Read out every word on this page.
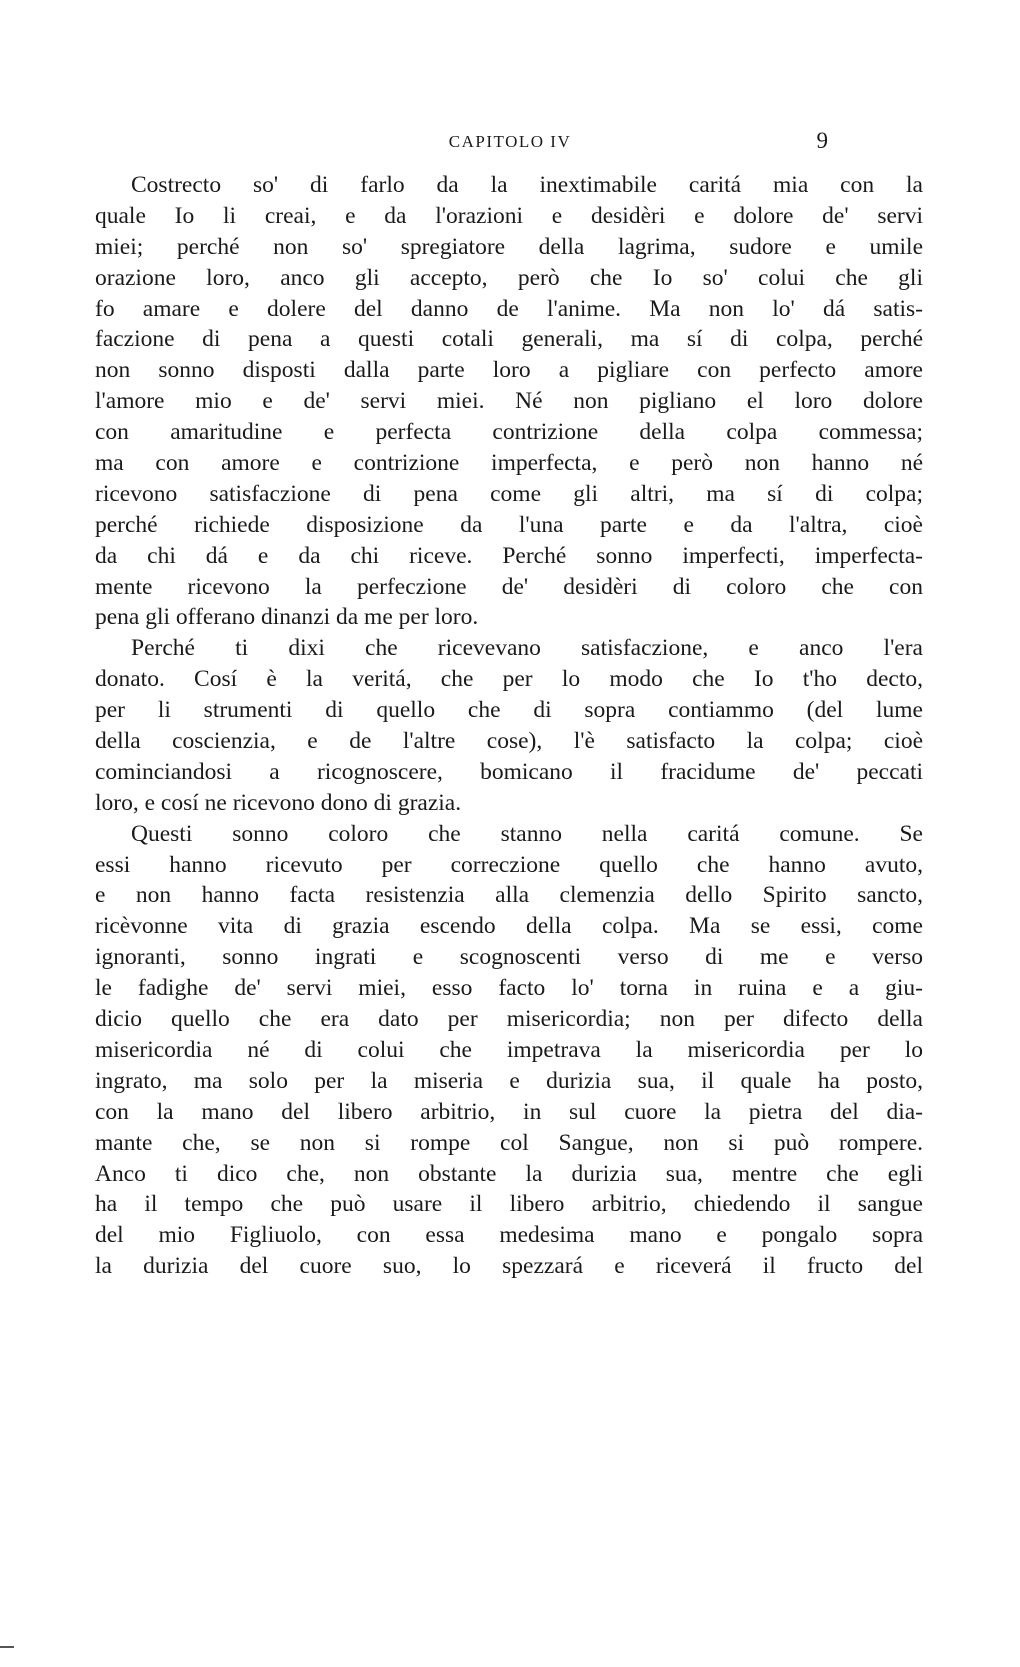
CAPITOLO IV	9
Costrecto so' di farlo da la inextimabile caritá mia con la
quale Io li creai, e da l'orazioni e desidèri e dolore de' servi
miei; perché non so' spregiatore della lagrima, sudore e umile
orazione loro, anco gli accepto, però che Io so' colui che gli
fo amare e dolere del danno de l'anime. Ma non lo' dá satis-
faczione di pena a questi cotali generali, ma sí di colpa, perché
non sonno disposti dalla parte loro a pigliare con perfecto amore
l'amore mio e de' servi miei. Né non pigliano el loro dolore
con amaritudine e perfecta contrizione della colpa commessa;
ma con amore e contrizione imperfecta, e però non hanno né
ricevono satisfaczione di pena come gli altri, ma sí di colpa;
perché richiede disposizione da l'una parte e da l'altra, cioè
da chi dá e da chi riceve. Perché sonno imperfecti, imperfecta-
mente ricevono la perfeczione de' desidèri di coloro che con
pena gli offerano dinanzi da me per loro.
Perché ti dixi che ricevevano satisfaczione, e anco l'era
donato. Cosí è la veritá, che per lo modo che Io t'ho decto,
per li strumenti di quello che di sopra contiammo (del lume
della coscienzia, e de l'altre cose), l'è satisfacto la colpa; cioè
cominciandosi a ricognoscere, bomicano il fracidume de' peccati
loro, e cosí ne ricevono dono di grazia.
Questi sonno coloro che stanno nella caritá comune. Se
essi hanno ricevuto per correczione quello che hanno avuto,
e non hanno facta resistenzia alla clemenzia dello Spirito sancto,
ricèvonne vita di grazia escendo della colpa. Ma se essi, come
ignoranti, sonno ingrati e scognoscenti verso di me e verso
le fadighe de' servi miei, esso facto lo' torna in ruina e a giu-
dicio quello che era dato per misericordia; non per difecto della
misericordia né di colui che impetrava la misericordia per lo
ingrato, ma solo per la miseria e durizia sua, il quale ha posto,
con la mano del libero arbitrio, in sul cuore la pietra del dia-
mante che, se non si rompe col Sangue, non si può rompere.
Anco ti dico che, non obstante la durizia sua, mentre che egli
ha il tempo che può usare il libero arbitrio, chiedendo il sangue
del mio Figliuolo, con essa medesima mano e pongalo sopra
la durizia del cuore suo, lo spezzará e riceverá il fructo del
